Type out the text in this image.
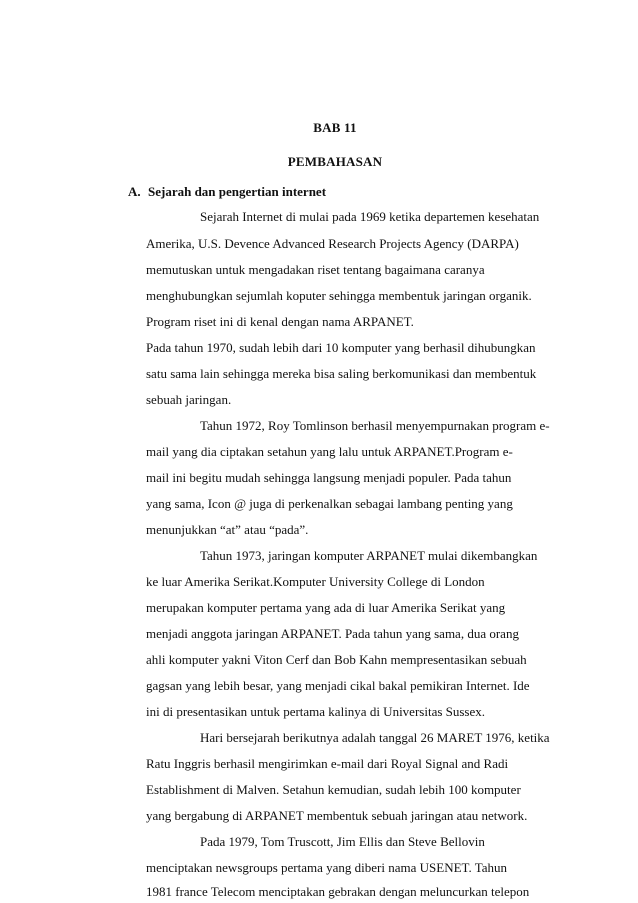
BAB 11
PEMBAHASAN
A. Sejarah dan pengertian internet
Sejarah Internet di mulai pada 1969 ketika departemen kesehatan
Amerika, U.S. Devence Advanced Research Projects Agency (DARPA)
memutuskan untuk mengadakan riset tentang bagaimana caranya
menghubungkan sejumlah koputer sehingga membentuk jaringan organik.
Program riset ini di kenal dengan nama ARPANET.
Pada tahun 1970, sudah lebih dari 10 komputer yang berhasil dihubungkan
satu sama lain sehingga mereka bisa saling berkomunikasi dan membentuk
sebuah jaringan.
Tahun 1972, Roy Tomlinson berhasil menyempurnakan program e-
mail yang dia ciptakan setahun yang lalu untuk ARPANET.Program e-
mail ini begitu mudah sehingga langsung menjadi populer. Pada tahun
yang sama, Icon @ juga di perkenalkan sebagai lambang penting yang
menunjukkan “at” atau “pada”.
Tahun 1973, jaringan komputer ARPANET mulai dikembangkan
ke luar Amerika Serikat.Komputer University College di London
merupakan komputer pertama yang ada di luar Amerika Serikat yang
menjadi anggota jaringan ARPANET. Pada tahun yang sama, dua orang
ahli komputer yakni Viton Cerf dan Bob Kahn mempresentasikan sebuah
gagsan yang lebih besar, yang menjadi cikal bakal pemikiran Internet. Ide
ini di presentasikan untuk pertama kalinya di Universitas Sussex.
Hari bersejarah berikutnya adalah tanggal 26 MARET 1976, ketika
Ratu Inggris berhasil mengirimkan e-mail dari Royal Signal and Radi
Establishment di Malven. Setahun kemudian, sudah lebih 100 komputer
yang bergabung di ARPANET membentuk sebuah jaringan atau network.
Pada 1979, Tom Truscott, Jim Ellis dan Steve Bellovin
menciptakan newsgroups pertama yang diberi nama USENET. Tahun
1981 france Telecom menciptakan gebrakan dengan meluncurkan telepon
